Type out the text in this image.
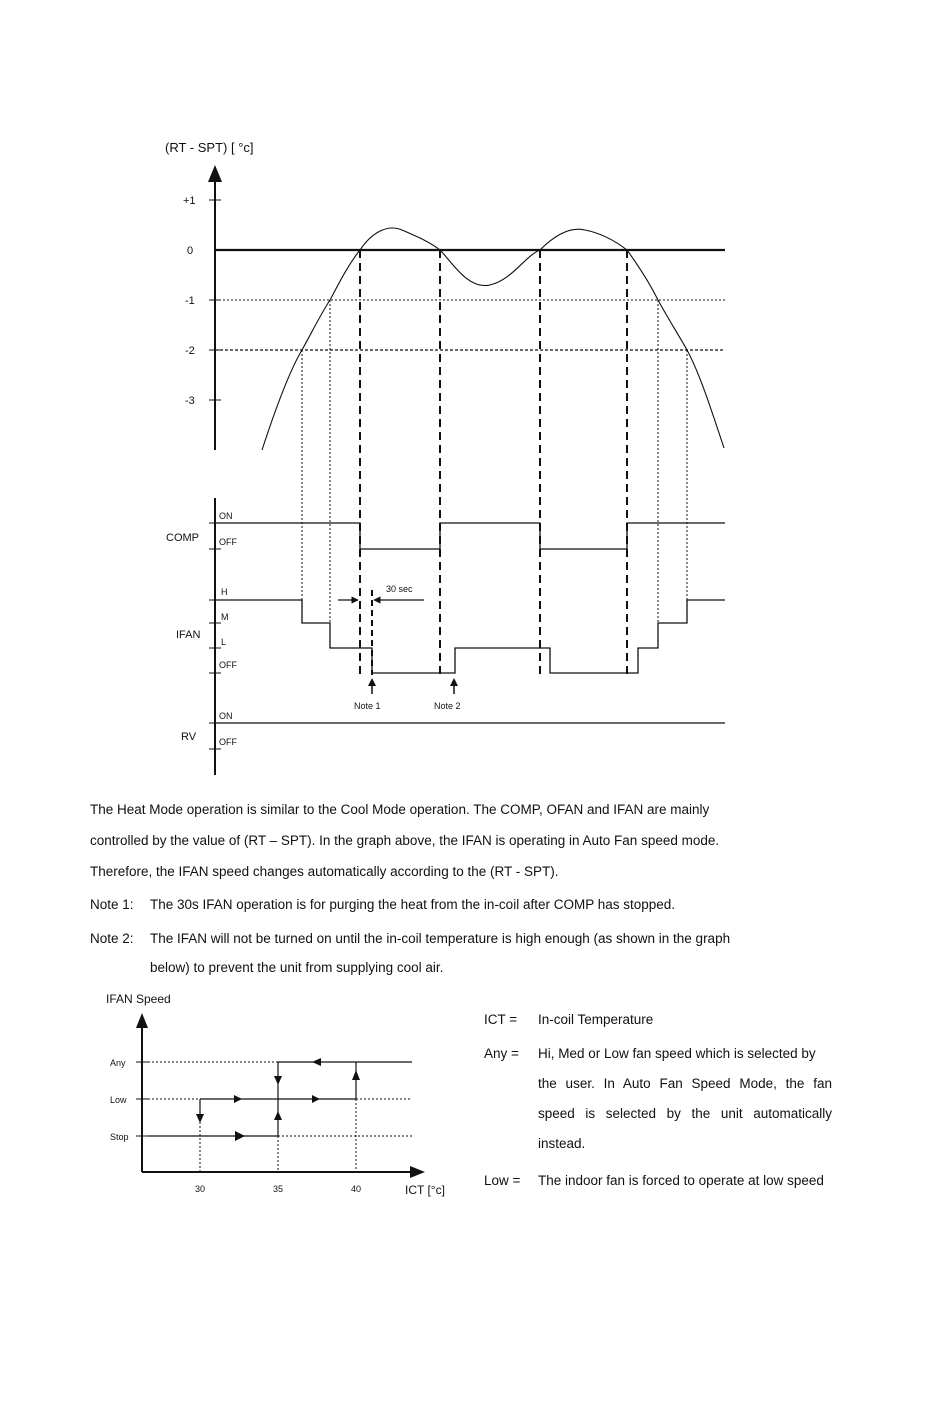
(RT - SPT) [ °c]
+1
0
-1
-2
-3
COMP
IFAN
RV
ON
OFF
H
M
L
OFF
ON
OFF
30 sec
Note 1	Note 2
The Heat Mode operation is similar to the Cool Mode operation. The COMP, OFAN and IFAN are mainly
controlled by the value of (RT – SPT). In the graph above, the IFAN is operating in Auto Fan speed mode.
Therefore, the IFAN speed changes automatically according to the (RT - SPT).
Note 1: The 30s IFAN operation is for purging the heat from the in-coil after COMP has stopped.
Note 2: The IFAN will not be turned on until the in-coil temperature is high enough (as shown in the graph
below) to prevent the unit from supplying cool air.
IFAN Speed
Any
Low
Stop
30	35	40	ICT [°c]
ICT = In-coil Temperature
Any = Hi, Med or Low fan speed which is selected by
the user. In Auto Fan Speed Mode, the fan
speed is selected by the unit automatically
instead.
Low = The indoor fan is forced to operate at low speed
